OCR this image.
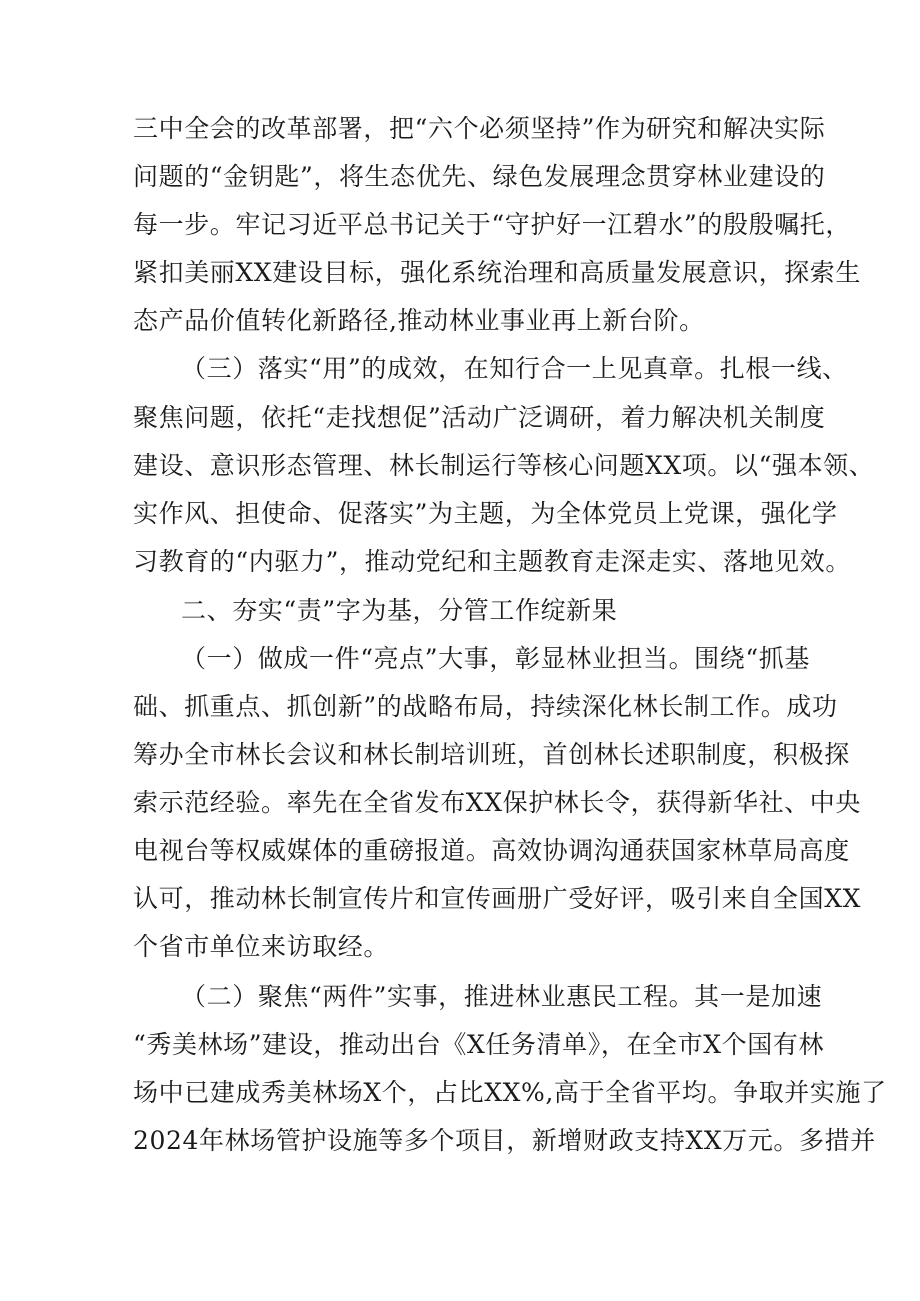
三中全会的改革部署，把“六个必须坚持”作为研究和解决实际
问题的“金钥匙”，将生态优先、绿色发展理念贯穿林业建设的
每一步。牢记习近平总书记关于“守护好一江碧水”的殷殷嘱托，
紧扣美丽XX建设目标，强化系统治理和高质量发展意识，探索生
态产品价值转化新路径,推动林业事业再上新台阶。
（三）落实“用”的成效，在知行合一上见真章。扎根一线、
聚焦问题，依托“走找想促”活动广泛调研，着力解决机关制度
建设、意识形态管理、林长制运行等核心问题XX项。以“强本领、
实作风、担使命、促落实”为主题，为全体党员上党课，强化学
习教育的“内驱力”，推动党纪和主题教育走深走实、落地见效。
二、夯实“责”字为基，分管工作绽新果
（一）做成一件“亮点”大事，彰显林业担当。围绕“抓基
础、抓重点、抓创新”的战略布局，持续深化林长制工作。成功
筹办全市林长会议和林长制培训班，首创林长述职制度，积极探
索示范经验。率先在全省发布XX保护林长令，获得新华社、中央
电视台等权威媒体的重磅报道。高效协调沟通获国家林草局高度
认可，推动林长制宣传片和宣传画册广受好评，吸引来自全国XX
个省市单位来访取经。
（二）聚焦“两件”实事，推进林业惠民工程。其一是加速
“秀美林场”建设，推动出台《X任务清单》，在全市X个国有林
场中已建成秀美林场X个，占比XX%,高于全省平均。争取并实施了
2024年林场管护设施等多个项目，新增财政支持XX万元。多措并
